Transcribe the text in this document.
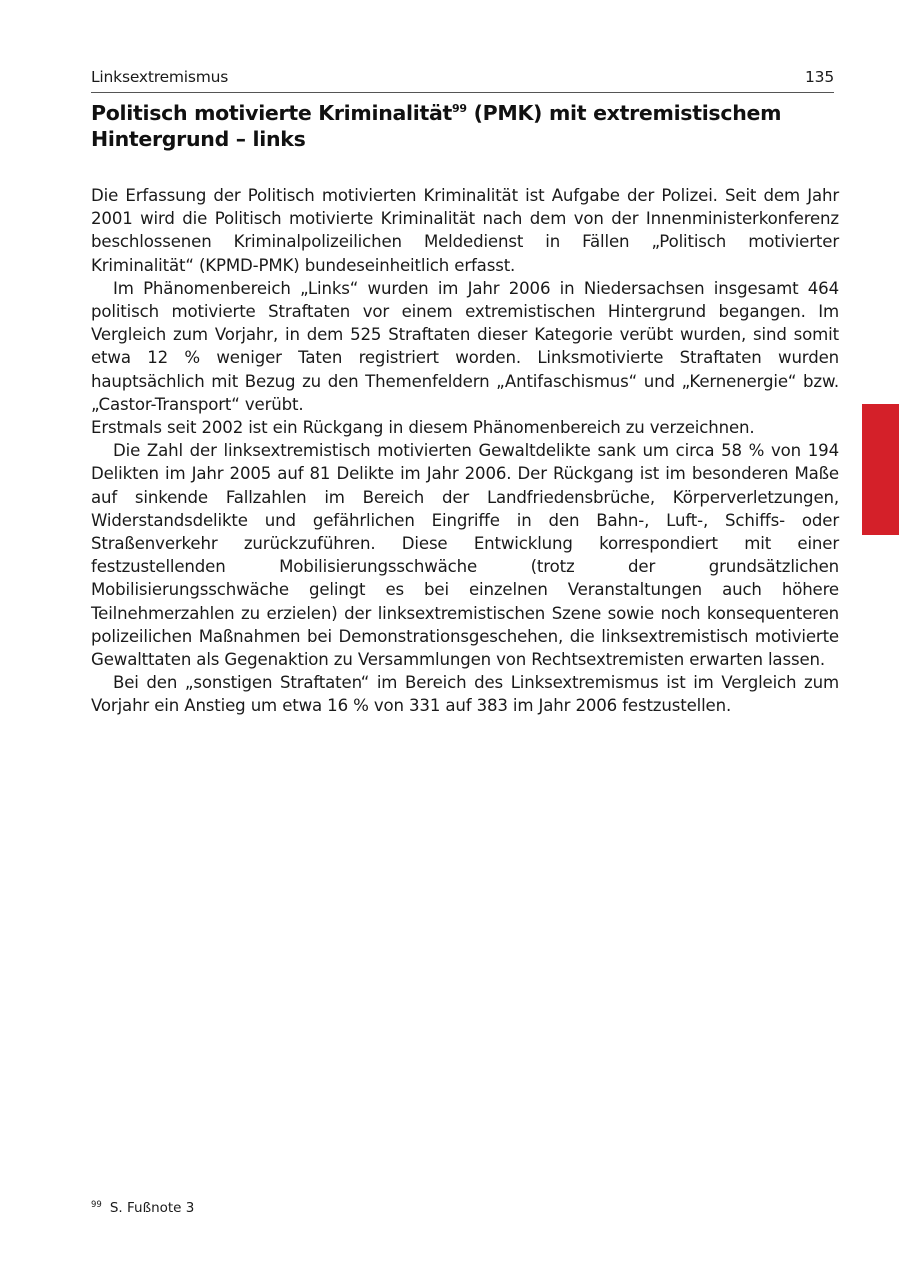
Linksextremismus	135
Politisch motivierte Kriminalität$^{99}$ (PMK) mit extremistischem
Hintergrund – links

Die Erfassung der Politisch motivierten Kriminalität ist Aufgabe der Polizei. Seit dem Jahr 2001 wird die Politisch motivierte Kriminalität nach dem von der Innenministerkonferenz beschlossenen Kriminalpolizeilichen Meldedienst in Fällen „Politisch motivierter Kriminalität“ (KPMD-PMK) bundeseinheitlich erfasst.

Im Phänomenbereich „Links“ wurden im Jahr 2006 in Niedersachsen insgesamt 464 politisch motivierte Straftaten vor einem extremistischen Hintergrund begangen. Im Vergleich zum Vorjahr, in dem 525 Straftaten dieser Kategorie verübt wurden, sind somit etwa 12 % weniger Taten registriert worden. Linksmotivierte Straftaten wurden hauptsächlich mit Bezug zu den Themenfeldern „Antifaschismus“ und „Kernenergie“ bzw. „Castor-Transport“ verübt.

Erstmals seit 2002 ist ein Rückgang in diesem Phänomenbereich zu verzeichnen.

Die Zahl der linksextremistisch motivierten Gewaltdelikte sank um circa 58 % von 194 Delikten im Jahr 2005 auf 81 Delikte im Jahr 2006. Der Rückgang ist im besonderen Maße auf sinkende Fallzahlen im Bereich der Landfriedensbrüche, Körperverletzungen, Widerstandsdelikte und gefährlichen Eingriffe in den Bahn-, Luft-, Schiffs- oder Straßenverkehr zurückzuführen. Diese Entwicklung korrespondiert mit einer festzustellenden Mobilisierungsschwäche (trotz der grundsätzlichen Mobilisierungsschwäche gelingt es bei einzelnen Veranstaltungen auch höhere Teilnehmerzahlen zu erzielen) der linksextremistischen Szene sowie noch konsequenteren polizeilichen Maßnahmen bei Demonstrationsgeschehen, die linksextremistisch motivierte Gewalttaten als Gegenaktion zu Versammlungen von Rechtsextremisten erwarten lassen.

Bei den „sonstigen Straftaten“ im Bereich des Linksextremismus ist im Vergleich zum Vorjahr ein Anstieg um etwa 16 % von 331 auf 383 im Jahr 2006 festzustellen.

$^{99}$ S. Fußnote 3
